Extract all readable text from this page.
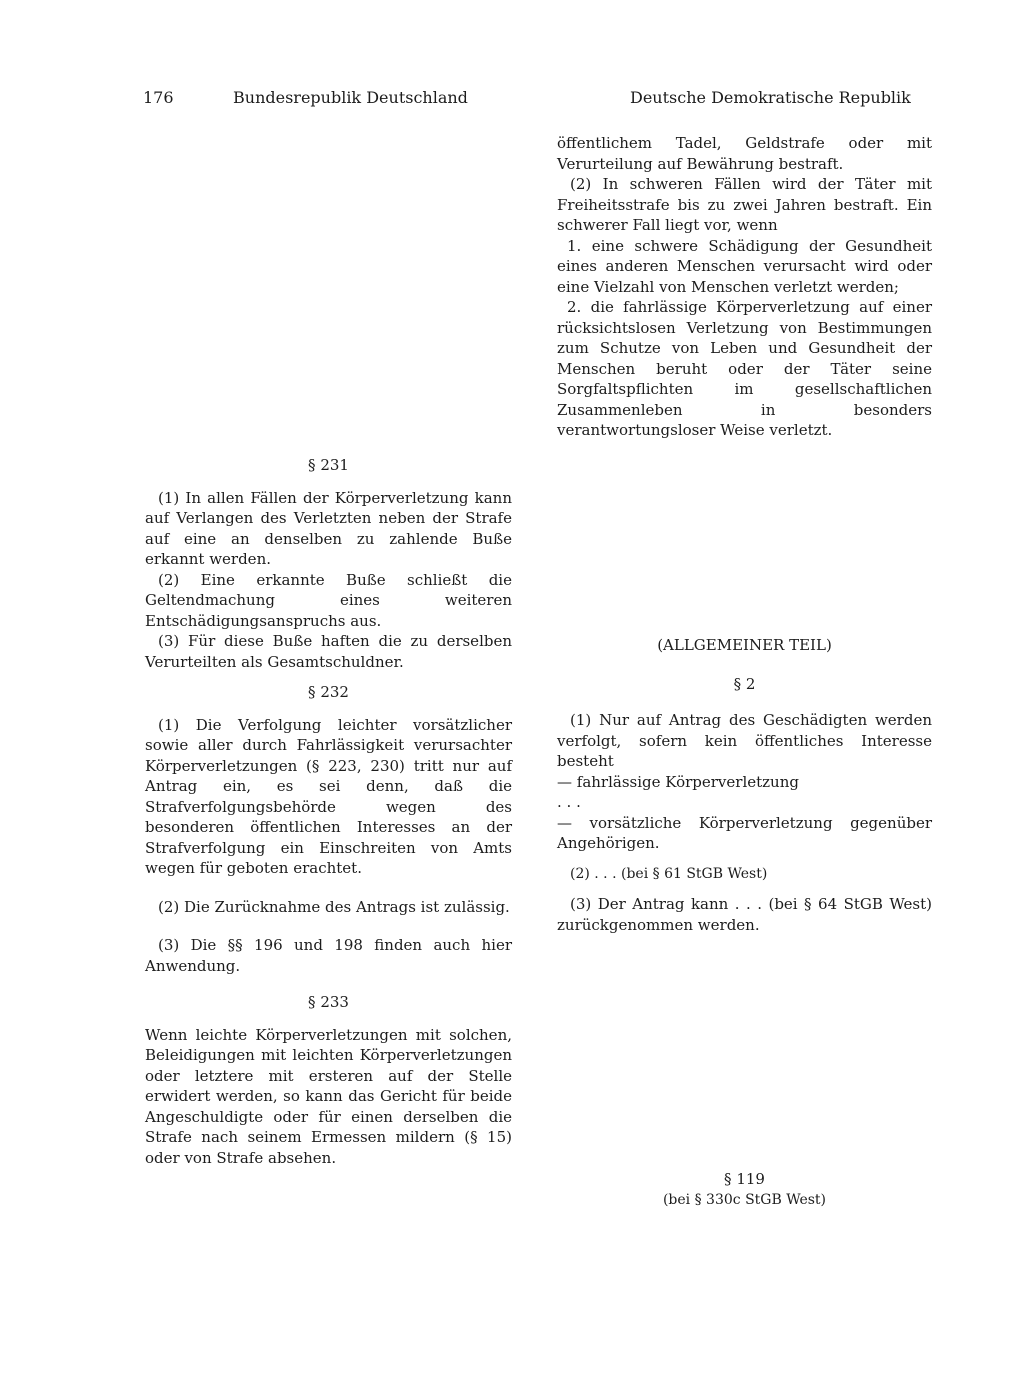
176	Bundesrepublik Deutschland	Deutsche Demokratische Republik

§ 231

(1) In allen Fällen der Körperverletzung kann auf Verlangen des Verletzten neben der Strafe auf eine an denselben zu zahlende Buße erkannt werden.

(2) Eine erkannte Buße schließt die Geltendmachung eines weiteren Entschädigungsanspruchs aus.

(3) Für diese Buße haften die zu derselben Verurteilten als Gesamtschuldner.

§ 232

(1) Die Verfolgung leichter vorsätzlicher sowie aller durch Fahrlässigkeit verursachter Körperverletzungen (§ 223, 230) tritt nur auf Antrag ein, es sei denn, daß die Strafverfolgungsbehörde wegen des besonderen öffentlichen Interesses an der Strafverfolgung ein Einschreiten von Amts wegen für geboten erachtet.

(2) Die Zurücknahme des Antrags ist zulässig.

(3) Die §§ 196 und 198 finden auch hier Anwendung.

§ 233

Wenn leichte Körperverletzungen mit solchen, Beleidigungen mit leichten Körperverletzungen oder letztere mit ersteren auf der Stelle erwidert werden, so kann das Gericht für beide Angeschuldigte oder für einen derselben die Strafe nach seinem Ermessen mildern (§ 15) oder von Strafe absehen.

öffentlichem Tadel, Geldstrafe oder mit Verurteilung auf Bewährung bestraft.

(2) In schweren Fällen wird der Täter mit Freiheitsstrafe bis zu zwei Jahren bestraft. Ein schwerer Fall liegt vor, wenn

1. eine schwere Schädigung der Gesundheit eines anderen Menschen verursacht wird oder eine Vielzahl von Menschen verletzt werden;

2. die fahrlässige Körperverletzung auf einer rücksichtslosen Verletzung von Bestimmungen zum Schutze von Leben und Gesundheit der Menschen beruht oder der Täter seine Sorgfaltspflichten im gesellschaftlichen Zusammenleben in besonders verantwortungsloser Weise verletzt.

(ALLGEMEINER TEIL)

§ 2

(1) Nur auf Antrag des Geschädigten werden verfolgt, sofern kein öffentliches Interesse besteht

— fahrlässige Körperverletzung

. . .

— vorsätzliche Körperverletzung gegenüber Angehörigen.

(2) . . . (bei § 61 StGB West)

(3) Der Antrag kann . . . (bei § 64 StGB West) zurückgenommen werden.

§ 119

(bei § 330c StGB West)
